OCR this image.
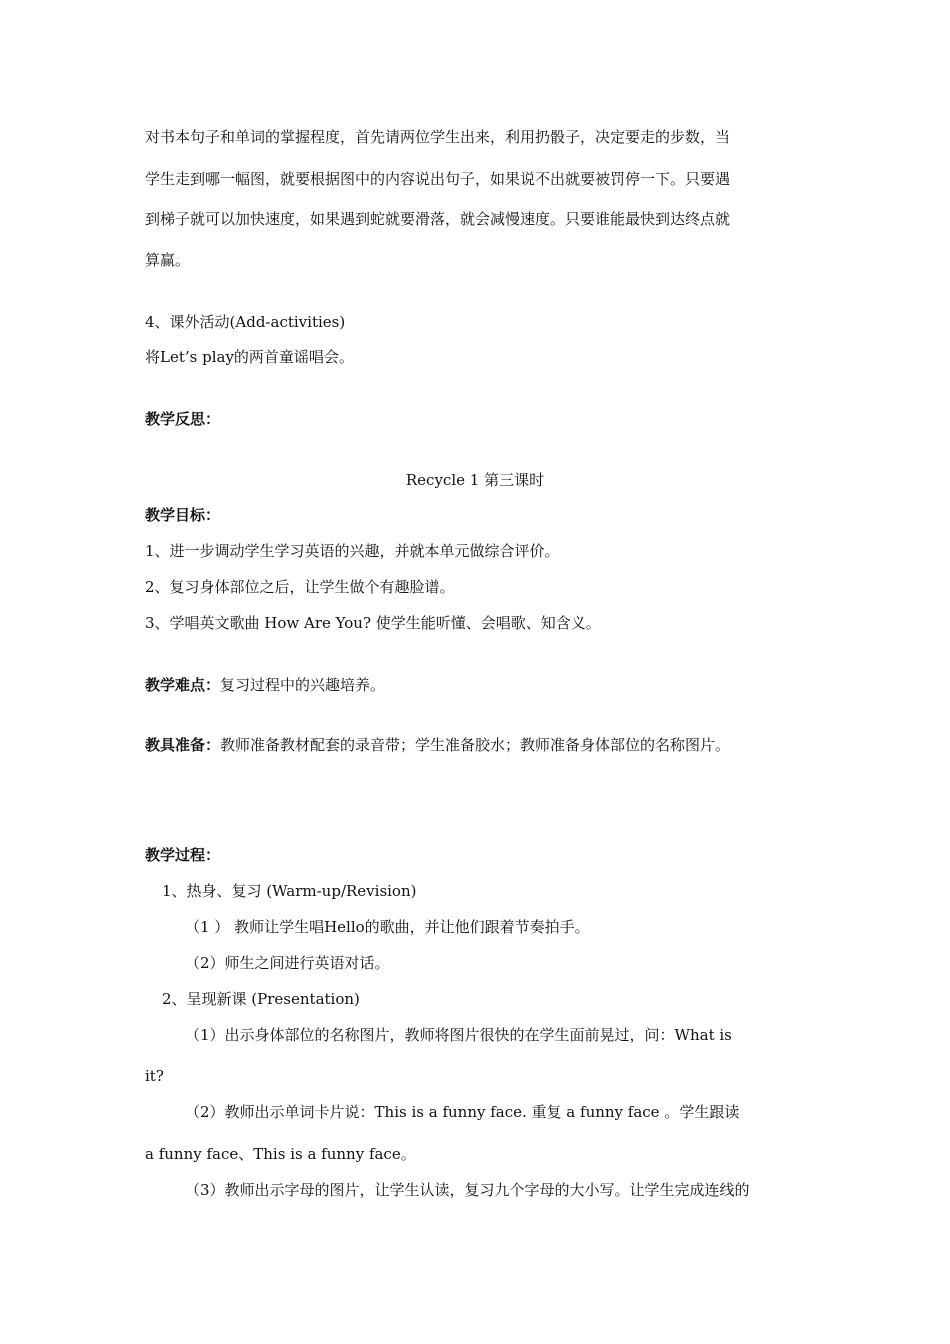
对书本句子和单词的掌握程度，首先请两位学生出来，利用扔骰子，决定要走的步数，当
学生走到哪一幅图，就要根据图中的内容说出句子，如果说不出就要被罚停一下。只要遇
到梯子就可以加快速度，如果遇到蛇就要滑落，就会减慢速度。只要谁能最快到达终点就
算赢。
4、课外活动(Add-activities)
将Let’s play的两首童谣唱会。
教学反思：
Recycle 1 第三课时
教学目标：
1、进一步调动学生学习英语的兴趣，并就本单元做综合评价。
2、复习身体部位之后，让学生做个有趣脸谱。
3、学唱英文歌曲 How Are You? 使学生能听懂、会唱歌、知含义。
教学难点：复习过程中的兴趣培养。
教具准备：教师准备教材配套的录音带；学生准备胶水；教师准备身体部位的名称图片。
教学过程：
1、热身、复习 (Warm-up/Revision)
（1 ） 教师让学生唱Hello的歌曲，并让他们跟着节奏拍手。
（2）师生之间进行英语对话。
2、呈现新课 (Presentation)
（1）出示身体部位的名称图片，教师将图片很快的在学生面前晃过，问：What is
it?
（2）教师出示单词卡片说：This is a funny face. 重复 a funny face 。学生跟读
a funny face、This is a funny face。
（3）教师出示字母的图片，让学生认读，复习九个字母的大小写。让学生完成连线的
